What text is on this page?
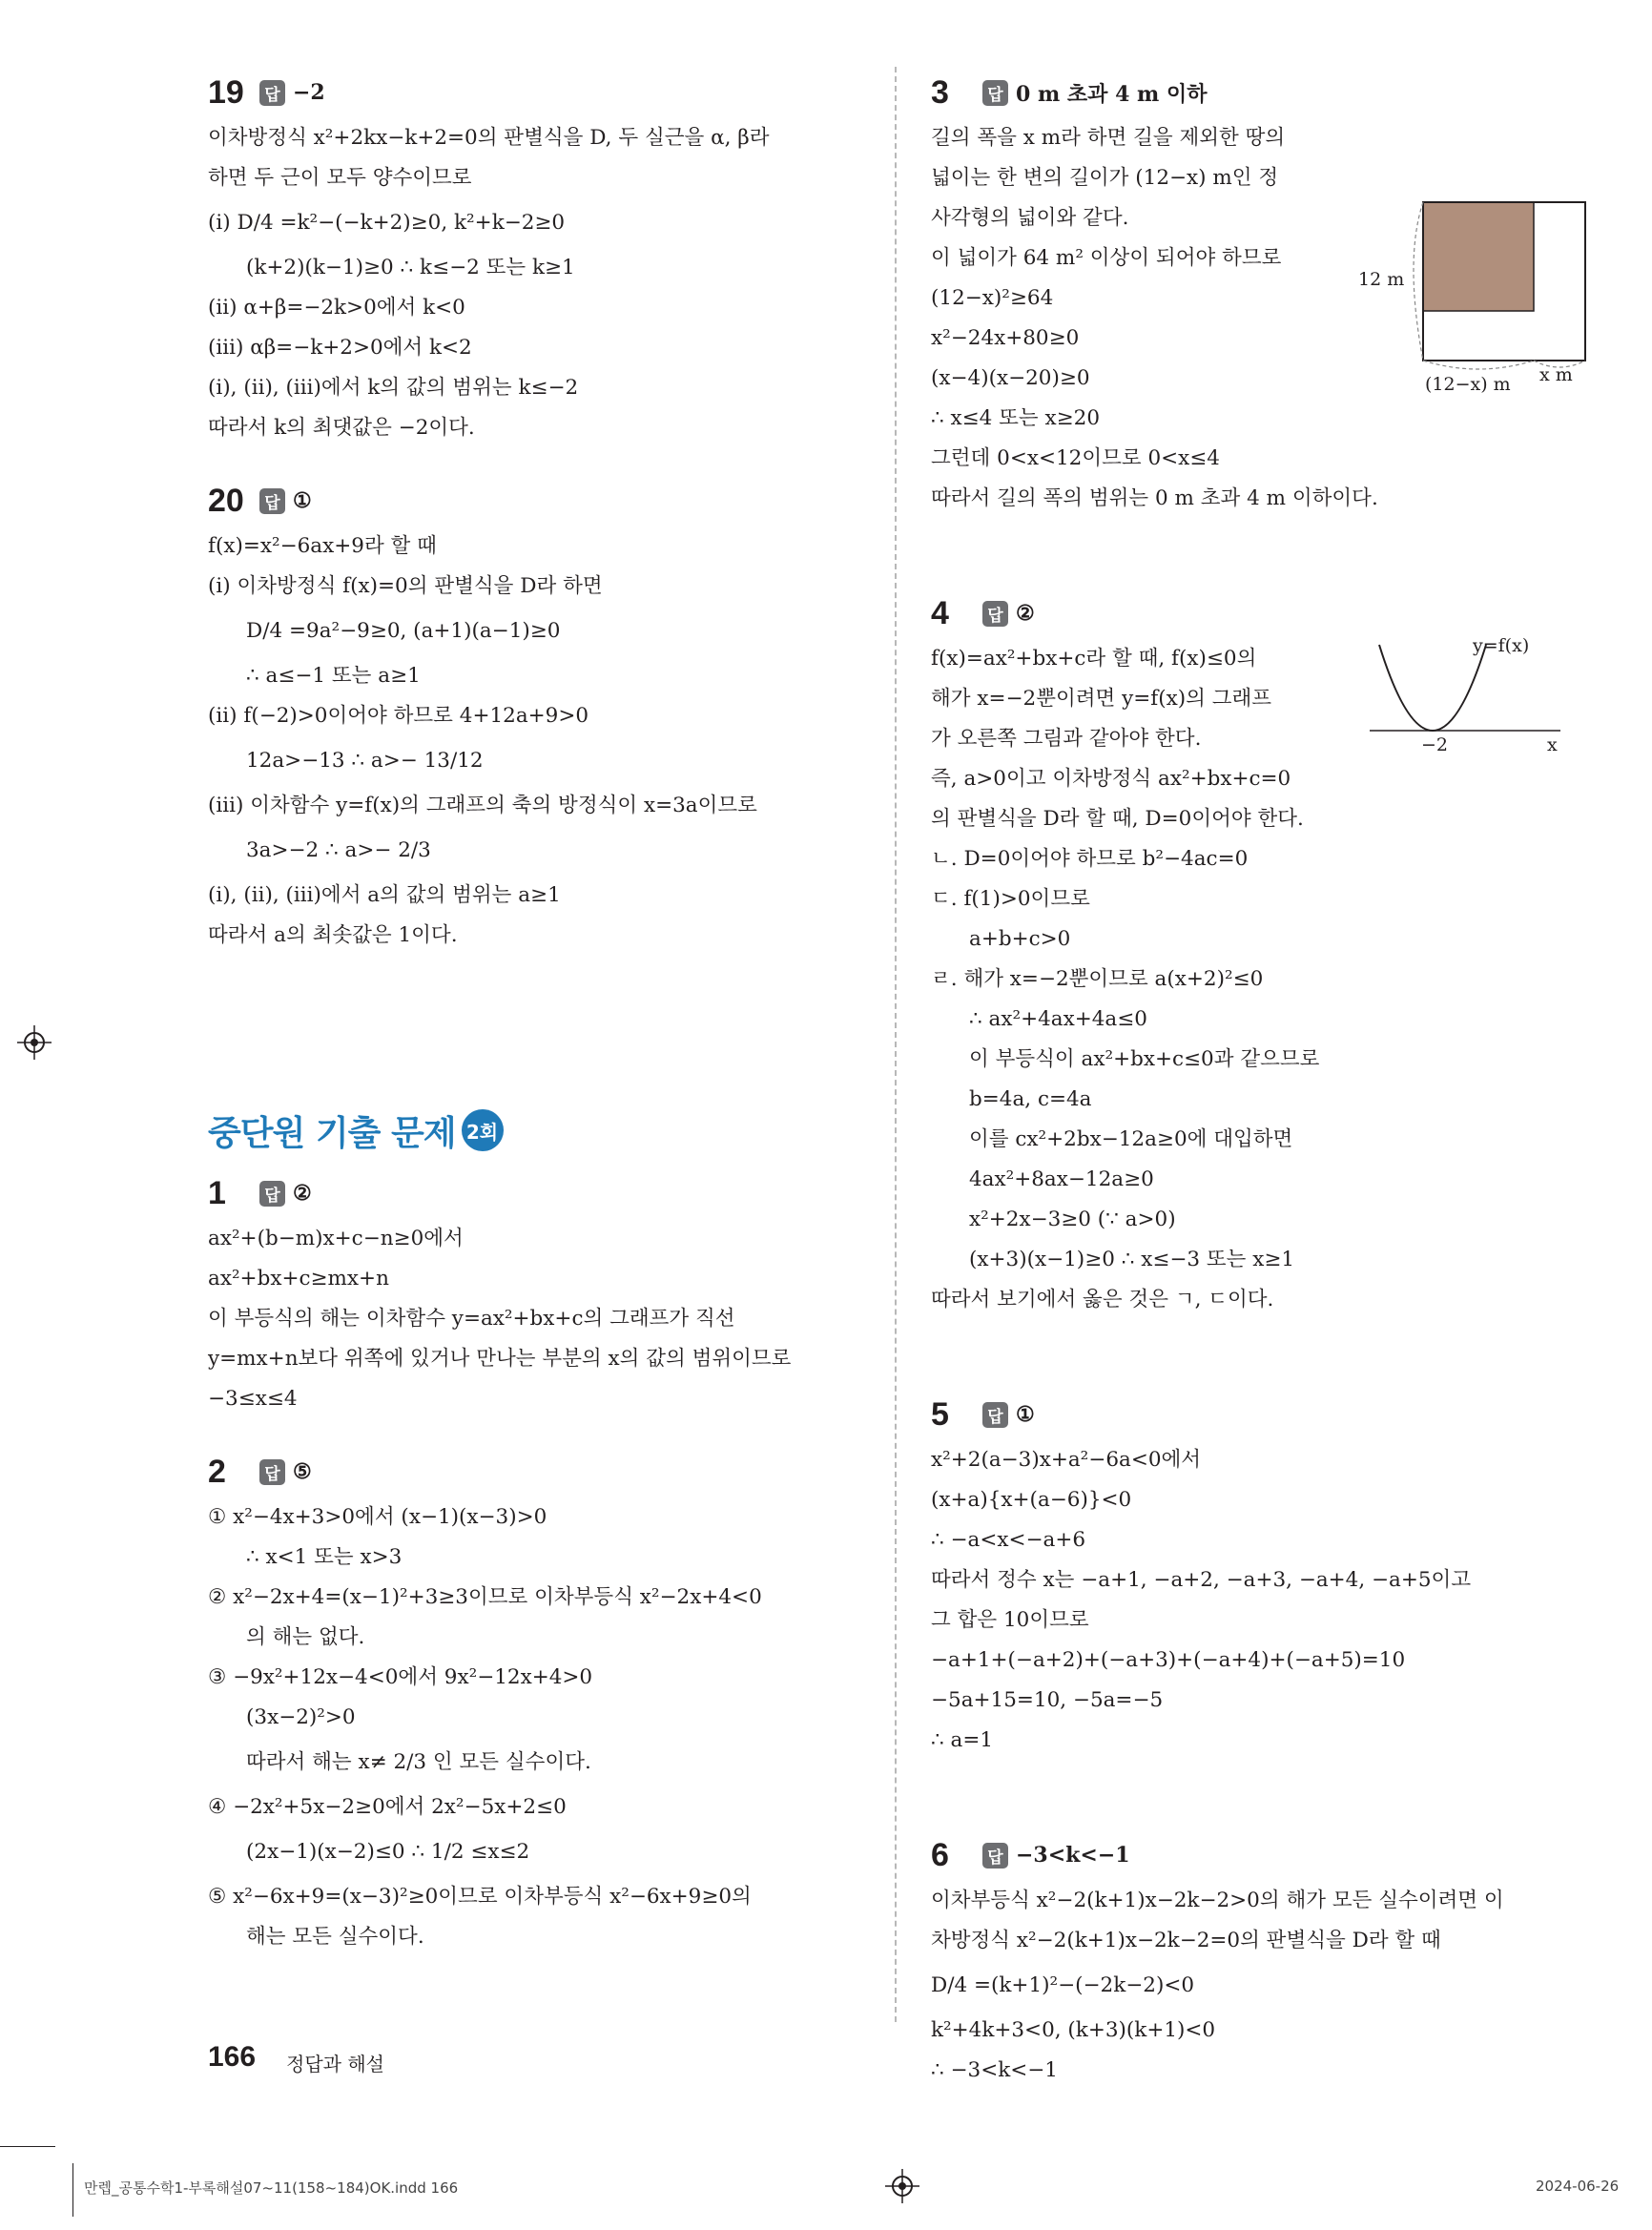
19	답 −2
이차방정식 x²+2kx−k+2=0의 판별식을 D, 두 실근을 α, β라
하면 두 근이 모두 양수이므로
(ⅰ) D/4 =k²−(−k+2)≥0, k²+k−2≥0
(k+2)(k−1)≥0 ∴ k≤−2 또는 k≥1
(ⅱ) α+β=−2k>0에서 k<0
(ⅲ) αβ=−k+2>0에서 k<2
(ⅰ), (ⅱ), (ⅲ)에서 k의 값의 범위는 k≤−2
따라서 k의 최댓값은 −2이다.
20	답 ①
f(x)=x²−6ax+9라 할 때
(ⅰ) 이차방정식 f(x)=0의 판별식을 D라 하면
D/4 =9a²−9≥0, (a+1)(a−1)≥0
∴ a≤−1 또는 a≥1
(ⅱ) f(−2)>0이어야 하므로 4+12a+9>0
12a>−13 ∴ a>− 13/12
(ⅲ) 이차함수 y=f(x)의 그래프의 축의 방정식이 x=3a이므로
3a>−2 ∴ a>− 2/3
(ⅰ), (ⅱ), (ⅲ)에서 a의 값의 범위는 a≥1
따라서 a의 최솟값은 1이다.
중단원 기출 문제 2회
1	답 ②
ax²+(b−m)x+c−n≥0에서
ax²+bx+c≥mx+n
이 부등식의 해는 이차함수 y=ax²+bx+c의 그래프가 직선
y=mx+n보다 위쪽에 있거나 만나는 부분의 x의 값의 범위이므로
−3≤x≤4
2	답 ⑤
① x²−4x+3>0에서 (x−1)(x−3)>0
∴ x<1 또는 x>3
② x²−2x+4=(x−1)²+3≥3이므로 이차부등식 x²−2x+4<0
의 해는 없다.
③ −9x²+12x−4<0에서 9x²−12x+4>0
(3x−2)²>0
따라서 해는 x≠ 2/3 인 모든 실수이다.
④ −2x²+5x−2≥0에서 2x²−5x+2≤0
(2x−1)(x−2)≤0 ∴ 1/2 ≤x≤2
⑤ x²−6x+9=(x−3)²≥0이므로 이차부등식 x²−6x+9≥0의
해는 모든 실수이다.
3	답 0 m 초과 4 m 이하
길의 폭을 x m라 하면 길을 제외한 땅의
넓이는 한 변의 길이가 (12−x) m인 정
사각형의 넓이와 같다.
이 넓이가 64 m² 이상이 되어야 하므로
(12−x)²≥64
x²−24x+80≥0
(x−4)(x−20)≥0
∴ x≤4 또는 x≥20
그런데 0<x<12이므로 0<x≤4
따라서 길의 폭의 범위는 0 m 초과 4 m 이하이다.
12 m
(12−x) m x m
4	답 ②
f(x)=ax²+bx+c라 할 때, f(x)≤0의
해가 x=−2뿐이려면 y=f(x)의 그래프
가 오른쪽 그림과 같아야 한다.
즉, a>0이고 이차방정식 ax²+bx+c=0
의 판별식을 D라 할 때, D=0이어야 한다.
ㄴ. D=0이어야 하므로 b²−4ac=0
ㄷ. f(1)>0이므로
a+b+c>0
ㄹ. 해가 x=−2뿐이므로 a(x+2)²≤0
∴ ax²+4ax+4a≤0
이 부등식이 ax²+bx+c≤0과 같으므로
b=4a, c=4a
이를 cx²+2bx−12a≥0에 대입하면
4ax²+8ax−12a≥0
x²+2x−3≥0 (∵ a>0)
(x+3)(x−1)≥0 ∴ x≤−3 또는 x≥1
따라서 보기에서 옳은 것은 ㄱ, ㄷ이다.
y=f(x)
−2	x
5	답 ①
x²+2(a−3)x+a²−6a<0에서
(x+a){x+(a−6)}<0
∴ −a<x<−a+6
따라서 정수 x는 −a+1, −a+2, −a+3, −a+4, −a+5이고
그 합은 10이므로
−a+1+(−a+2)+(−a+3)+(−a+4)+(−a+5)=10
−5a+15=10, −5a=−5
∴ a=1
6	답 −3<k<−1
이차부등식 x²−2(k+1)x−2k−2>0의 해가 모든 실수이려면 이
차방정식 x²−2(k+1)x−2k−2=0의 판별식을 D라 할 때
D/4 =(k+1)²−(−2k−2)<0
k²+4k+3<0, (k+3)(k+1)<0
∴ −3<k<−1
166 정답과 해설
만렙_공통수학1-부록해설07~11(158~184)OK.indd 166	2024-06-26
